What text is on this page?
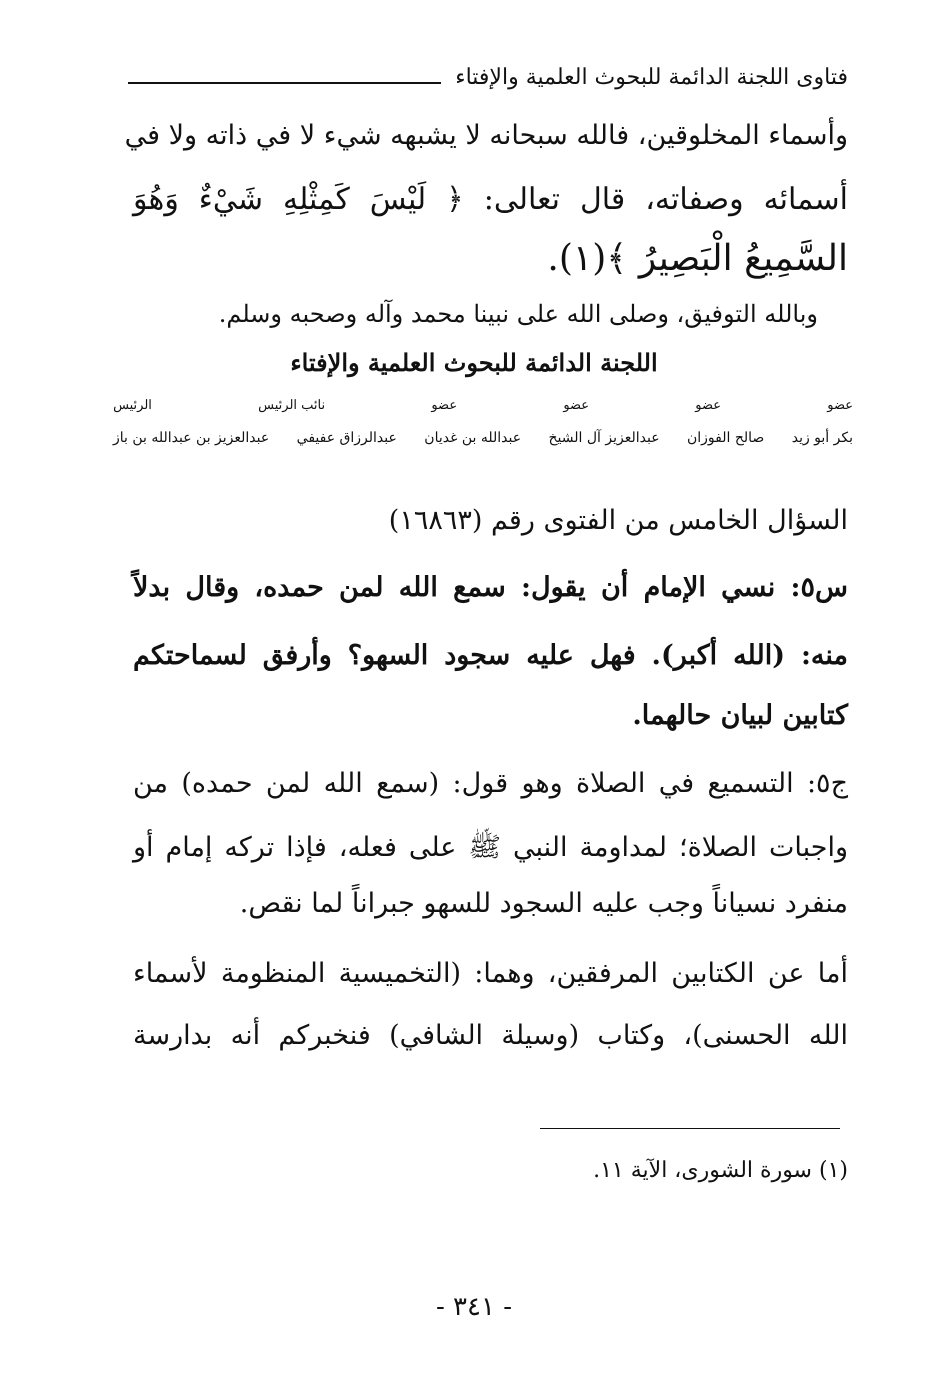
فتاوى اللجنة الدائمة للبحوث العلمية والإفتاء
وأسماء المخلوقين، فالله سبحانه لا يشبهه شيء لا في ذاته ولا في
أسمائه وصفاته، قال تعالى: ﴿ لَيْسَ كَمِثْلِهِ شَيْءٌ وَهُوَ
السَّمِيعُ الْبَصِيرُ ﴾(١).
وبالله التوفيق، وصلى الله على نبينا محمد وآله وصحبه وسلم.
اللجنة الدائمة للبحوث العلمية والإفتاء
عضو
عضو
عضو
عضو
نائب الرئيس
الرئيس
بكر أبو زيد
صالح الفوزان
عبدالعزيز آل الشيخ
عبدالله بن غديان
عبدالرزاق عفيفي
عبدالعزيز بن عبدالله بن باز
السؤال الخامس من الفتوى رقم (١٦٨٦٣)
س٥: نسي الإمام أن يقول: سمع الله لمن حمده، وقال بدلاً
منه: (الله أكبر). فهل عليه سجود السهو؟ وأرفق لسماحتكم
كتابين لبيان حالهما.
ج٥: التسميع في الصلاة وهو قول: (سمع الله لمن حمده) من
واجبات الصلاة؛ لمداومة النبي ﷺ على فعله، فإذا تركه إمام أو
منفرد نسياناً وجب عليه السجود للسهو جبراناً لما نقص.
أما عن الكتابين المرفقين، وهما: (التخميسية المنظومة لأسماء
الله الحسنى)، وكتاب (وسيلة الشافي) فنخبركم أنه بدارسة
(١) سورة الشورى، الآية ١١.
- ٣٤١ -
